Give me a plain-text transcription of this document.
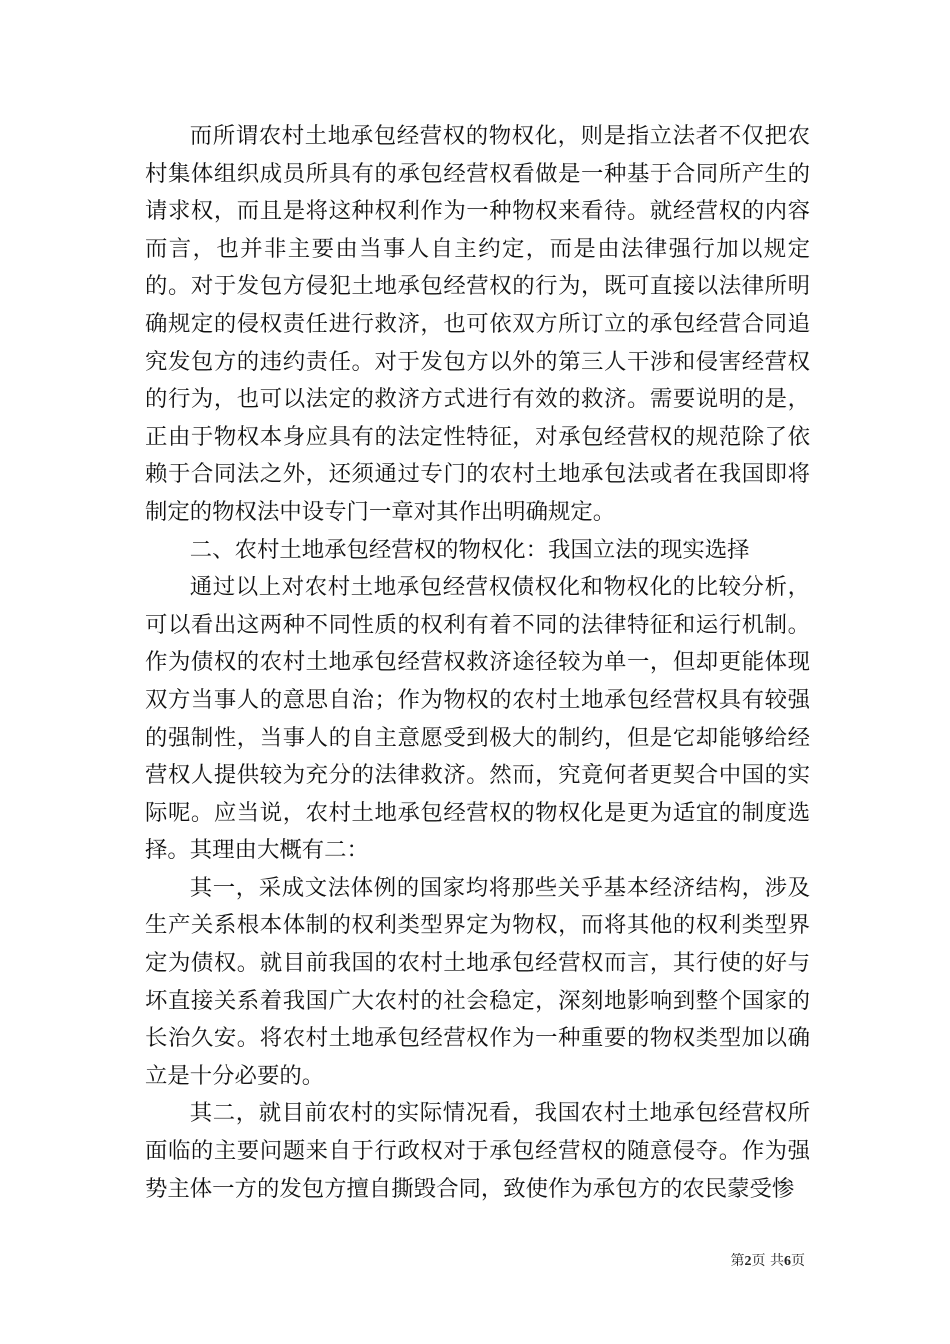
而所谓农村土地承包经营权的物权化，则是指立法者不仅把农村集体组织成员所具有的承包经营权看做是一种基于合同所产生的请求权，而且是将这种权利作为一种物权来看待。就经营权的内容而言，也并非主要由当事人自主约定，而是由法律强行加以规定的。对于发包方侵犯土地承包经营权的行为，既可直接以法律所明确规定的侵权责任进行救济，也可依双方所订立的承包经营合同追究发包方的违约责任。对于发包方以外的第三人干涉和侵害经营权的行为，也可以法定的救济方式进行有效的救济。需要说明的是，正由于物权本身应具有的法定性特征，对承包经营权的规范除了依赖于合同法之外，还须通过专门的农村土地承包法或者在我国即将制定的物权法中设专门一章对其作出明确规定。

二、农村土地承包经营权的物权化：我国立法的现实选择

通过以上对农村土地承包经营权债权化和物权化的比较分析，可以看出这两种不同性质的权利有着不同的法律特征和运行机制。作为债权的农村土地承包经营权救济途径较为单一，但却更能体现双方当事人的意思自治；作为物权的农村土地承包经营权具有较强的强制性，当事人的自主意愿受到极大的制约，但是它却能够给经营权人提供较为充分的法律救济。然而，究竟何者更契合中国的实际呢。应当说，农村土地承包经营权的物权化是更为适宜的制度选择。其理由大概有二：

其一，采成文法体例的国家均将那些关乎基本经济结构，涉及生产关系根本体制的权利类型界定为物权，而将其他的权利类型界定为债权。就目前我国的农村土地承包经营权而言，其行使的好与坏直接关系着我国广大农村的社会稳定，深刻地影响到整个国家的长治久安。将农村土地承包经营权作为一种重要的物权类型加以确立是十分必要的。

其二，就目前农村的实际情况看，我国农村土地承包经营权所面临的主要问题来自于行政权对于承包经营权的随意侵夺。作为强势主体一方的发包方擅自撕毁合同，致使作为承包方的农民蒙受惨

第2页 共6页
